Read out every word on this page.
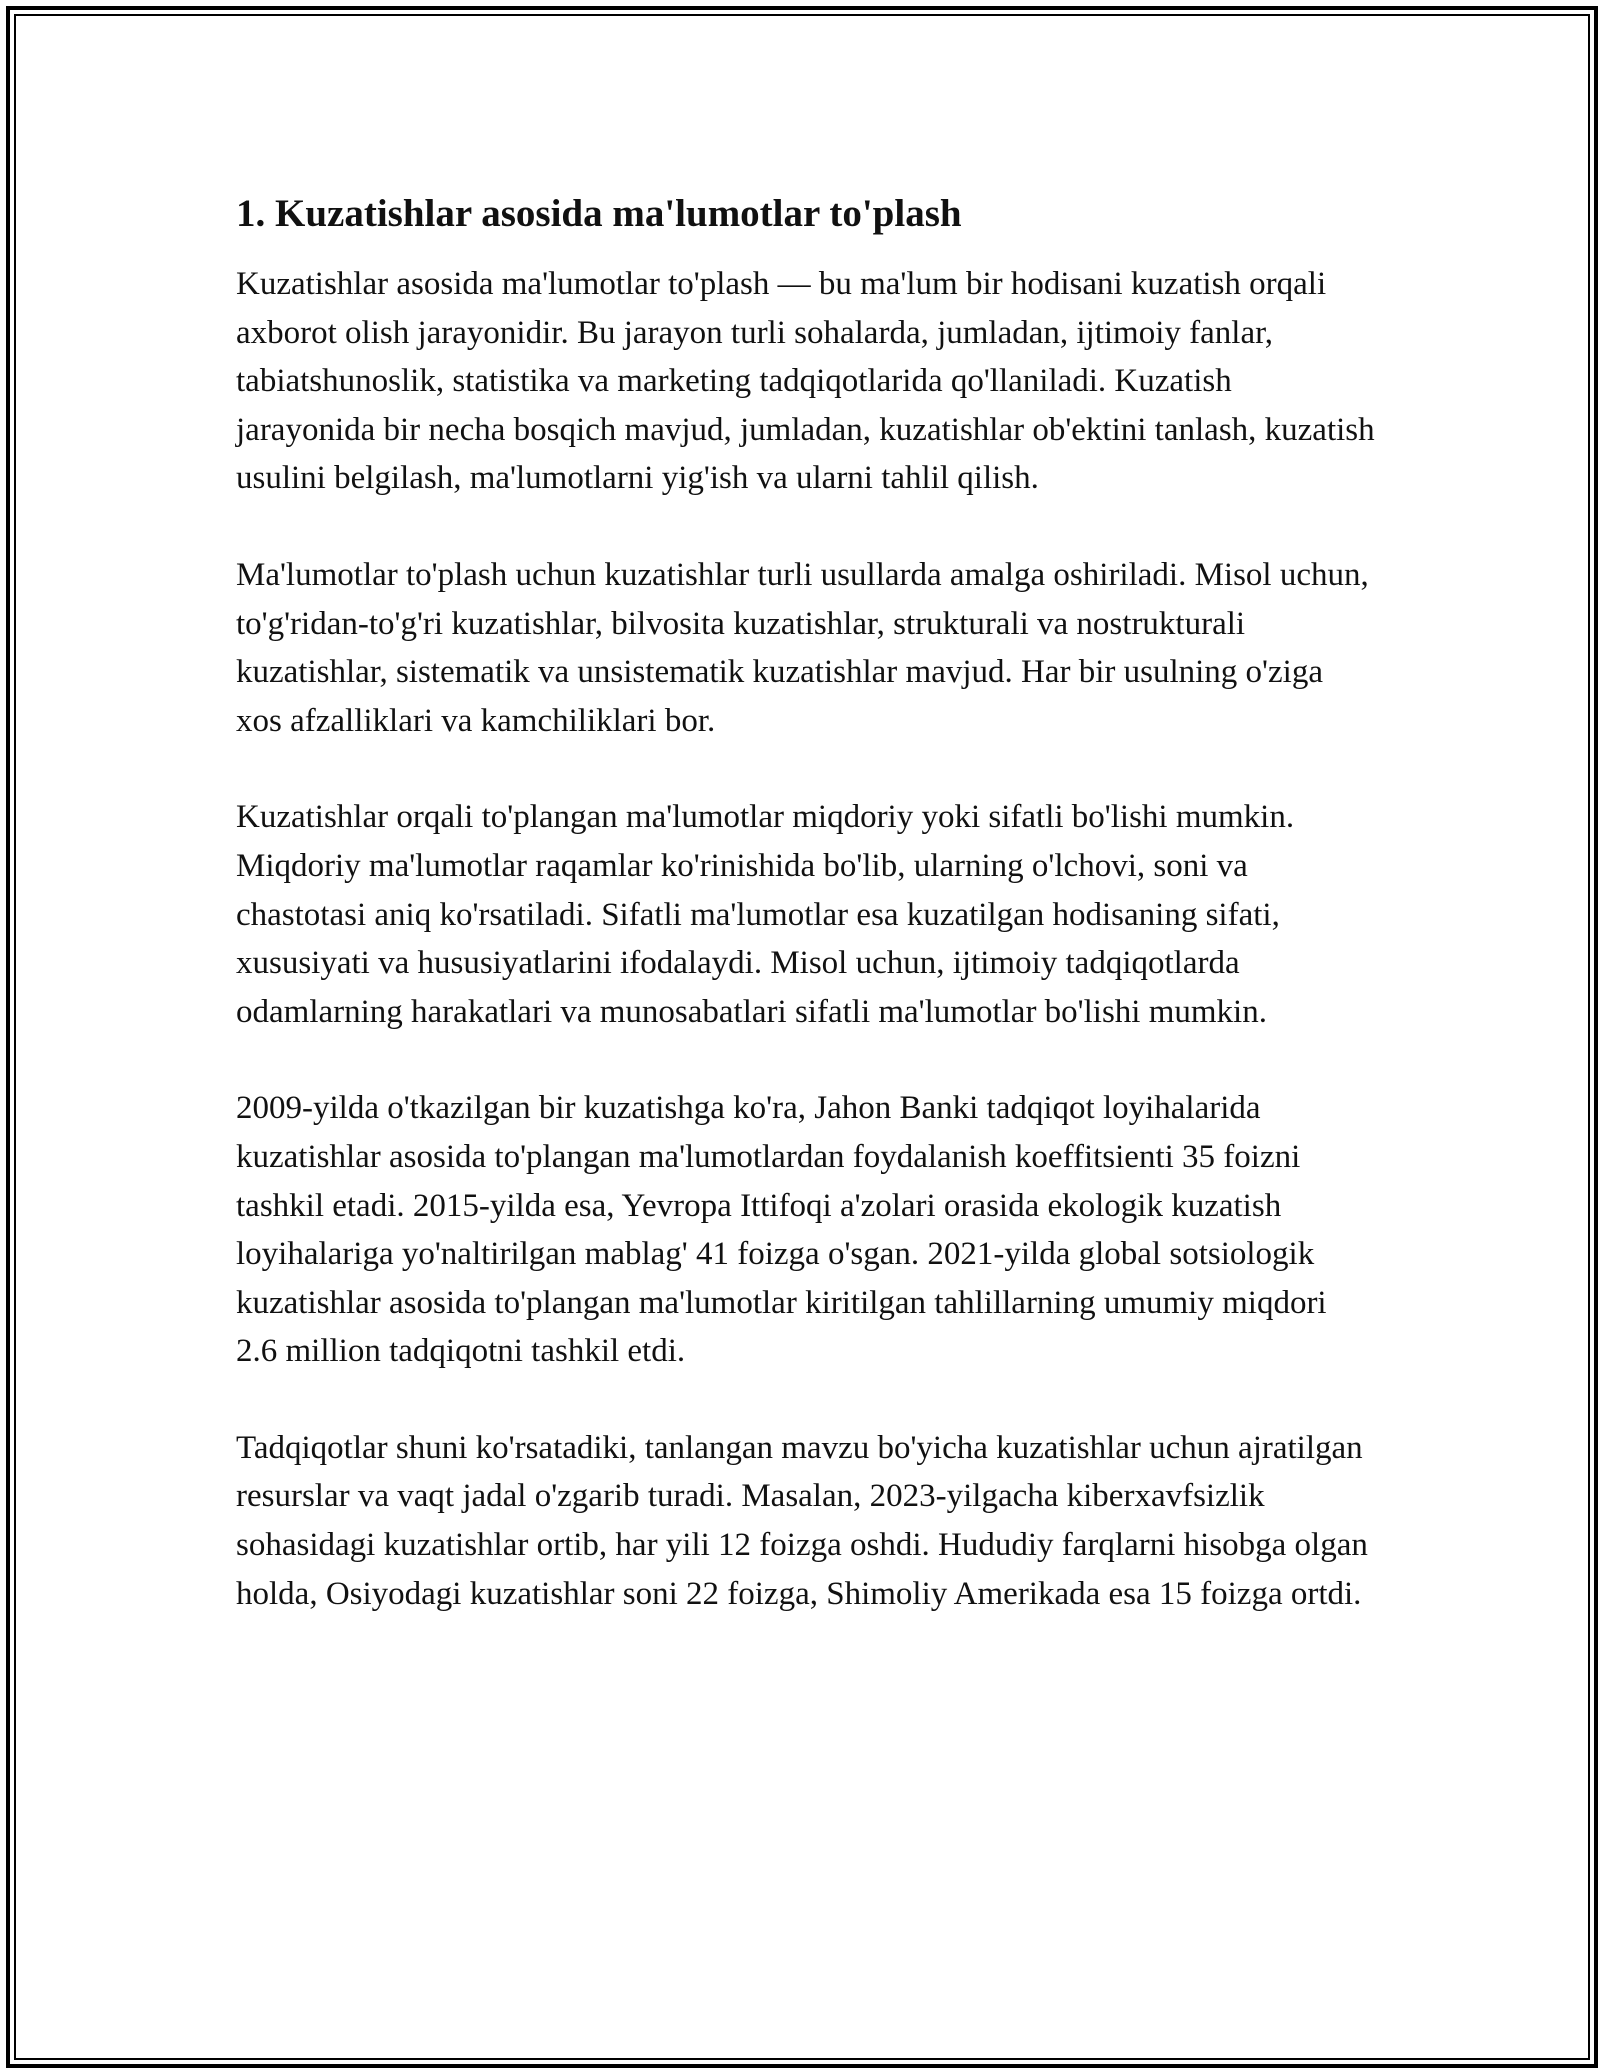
1. Kuzatishlar asosida ma'lumotlar to'plash

Kuzatishlar asosida ma'lumotlar to'plash — bu ma'lum bir hodisani kuzatish orqali axborot olish jarayonidir. Bu jarayon turli sohalarda, jumladan, ijtimoiy fanlar, tabiatshunoslik, statistika va marketing tadqiqotlarida qo'llaniladi. Kuzatish jarayonida bir necha bosqich mavjud, jumladan, kuzatishlar ob'ektini tanlash, kuzatish usulini belgilash, ma'lumotlarni yig'ish va ularni tahlil qilish.

Ma'lumotlar to'plash uchun kuzatishlar turli usullarda amalga oshiriladi. Misol uchun, to'g'ridan-to'g'ri kuzatishlar, bilvosita kuzatishlar, strukturali va nostrukturali kuzatishlar, sistematik va unsistematik kuzatishlar mavjud. Har bir usulning o'ziga xos afzalliklari va kamchiliklari bor.

Kuzatishlar orqali to'plangan ma'lumotlar miqdoriy yoki sifatli bo'lishi mumkin. Miqdoriy ma'lumotlar raqamlar ko'rinishida bo'lib, ularning o'lchovi, soni va chastotasi aniq ko'rsatiladi. Sifatli ma'lumotlar esa kuzatilgan hodisaning sifati, xususiyati va hususiyatlarini ifodalaydi. Misol uchun, ijtimoiy tadqiqotlarda odamlarning harakatlari va munosabatlari sifatli ma'lumotlar bo'lishi mumkin.

2009-yilda o'tkazilgan bir kuzatishga ko'ra, Jahon Banki tadqiqot loyihalarida kuzatishlar asosida to'plangan ma'lumotlardan foydalanish koeffitsienti 35 foizni tashkil etadi. 2015-yilda esa, Yevropa Ittifoqi a'zolari orasida ekologik kuzatish loyihalariga yo'naltirilgan mablag' 41 foizga o'sgan. 2021-yilda global sotsiologik kuzatishlar asosida to'plangan ma'lumotlar kiritilgan tahlillarning umumiy miqdori 2.6 million tadqiqotni tashkil etdi.

Tadqiqotlar shuni ko'rsatadiki, tanlangan mavzu bo'yicha kuzatishlar uchun ajratilgan resurslar va vaqt jadal o'zgarib turadi. Masalan, 2023-yilgacha kiberxavfsizlik sohasidagi kuzatishlar ortib, har yili 12 foizga oshdi. Hududiy farqlarni hisobga olgan holda, Osiyodagi kuzatishlar soni 22 foizga, Shimoliy Amerikada esa 15 foizga ortdi.
